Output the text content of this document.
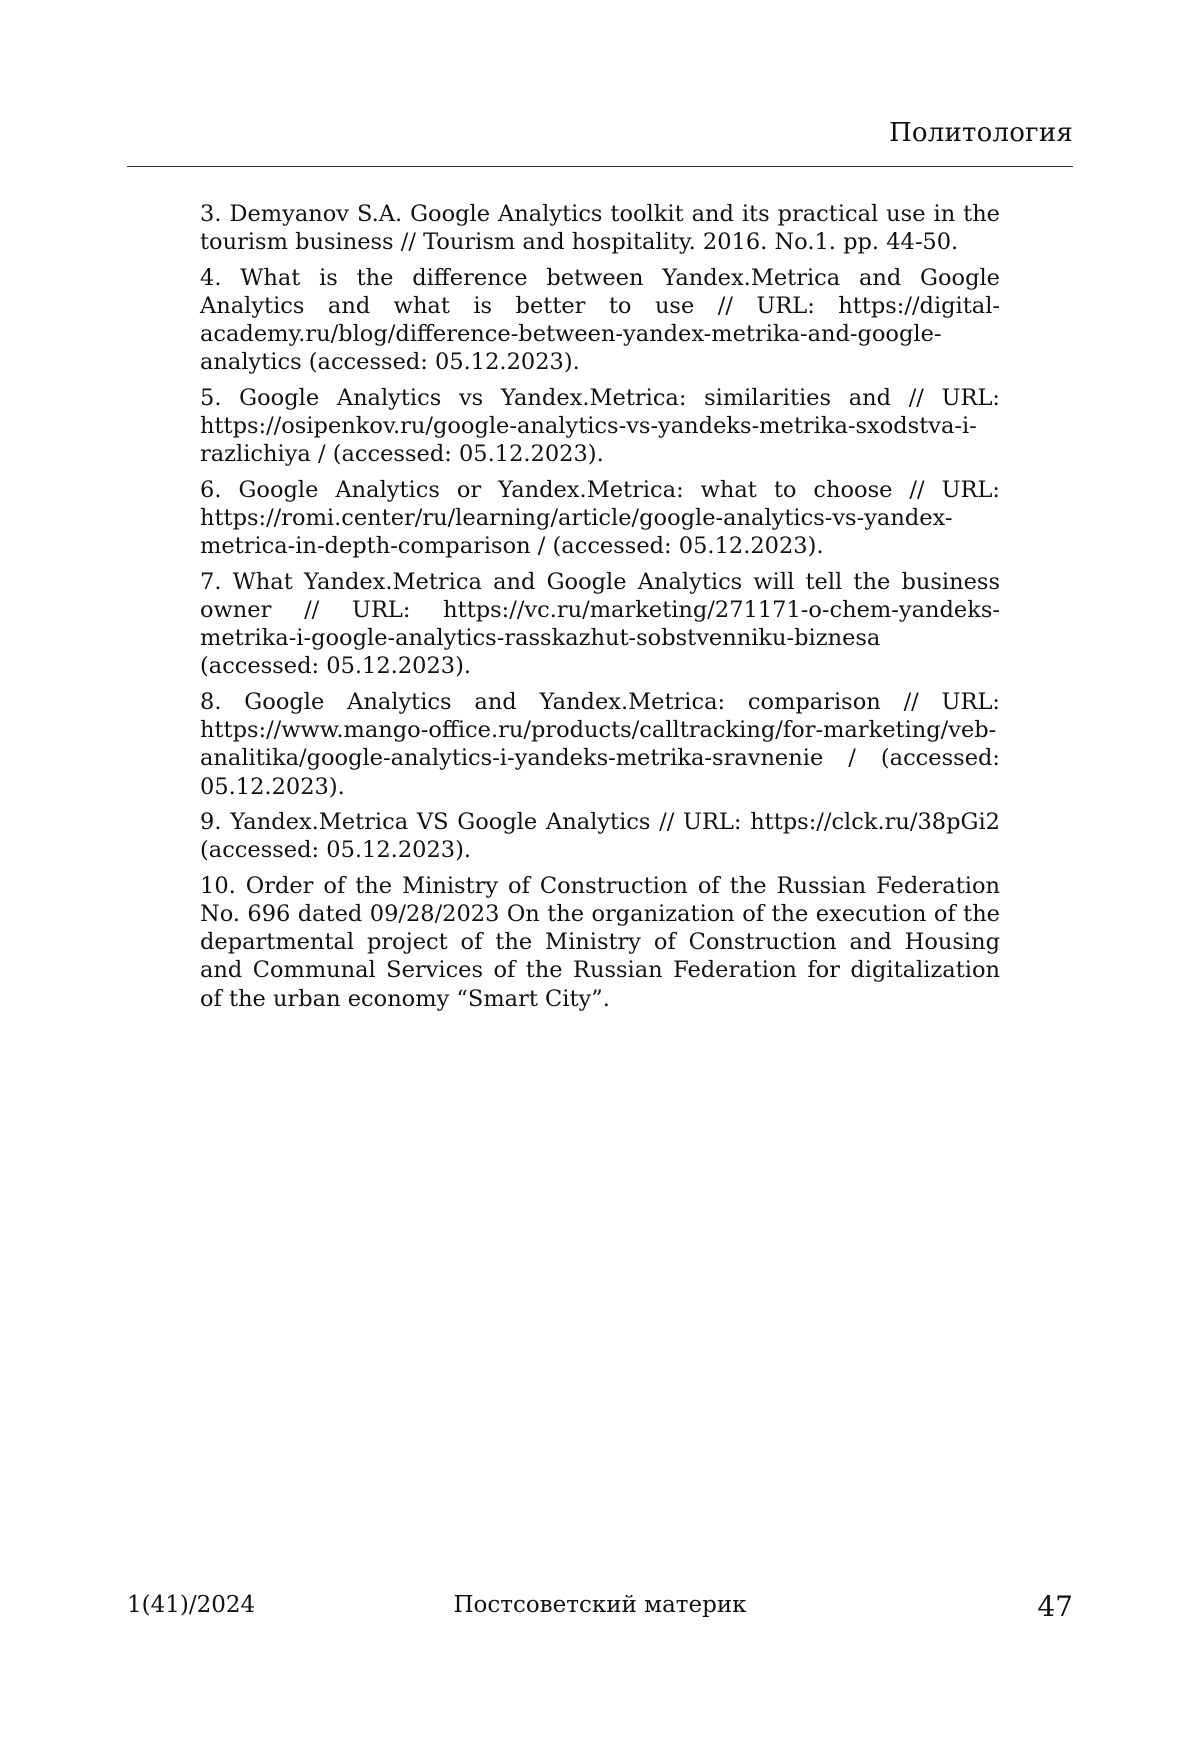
Политология
3. Demyanov S.A. Google Analytics toolkit and its practical use in the tourism business // Tourism and hospitality. 2016. No.1. pp. 44-50.
4. What is the difference between Yandex.Metrica and Google Analytics and what is better to use // URL: https://digital-academy.ru/blog/difference-between-yandex-metrika-and-google-analytics (accessed: 05.12.2023).
5. Google Analytics vs Yandex.Metrica: similarities and // URL: https://osipenkov.ru/google-analytics-vs-yandeks-metrika-sxodstva-i-razlichiya / (accessed: 05.12.2023).
6. Google Analytics or Yandex.Metrica: what to choose // URL: https://romi.center/ru/learning/article/google-analytics-vs-yandex-metrica-in-depth-comparison / (accessed: 05.12.2023).
7. What Yandex.Metrica and Google Analytics will tell the business owner // URL: https://vc.ru/marketing/271171-o-chem-yandeks-metrika-i-google-analytics-rasskazhut-sobstvenniku-biznesa (accessed: 05.12.2023).
8. Google Analytics and Yandex.Metrica: comparison // URL: https://www.mango-office.ru/products/calltracking/for-marketing/veb-analitika/google-analytics-i-yandeks-metrika-sravnenie / (accessed: 05.12.2023).
9. Yandex.Metrica VS Google Analytics // URL: https://clck.ru/38pGi2 (accessed: 05.12.2023).
10. Order of the Ministry of Construction of the Russian Federation No. 696 dated 09/28/2023 On the organization of the execution of the departmental project of the Ministry of Construction and Housing and Communal Services of the Russian Federation for digitalization of the urban economy “Smart City”.
1(41)/2024	Постсоветский материк	47
